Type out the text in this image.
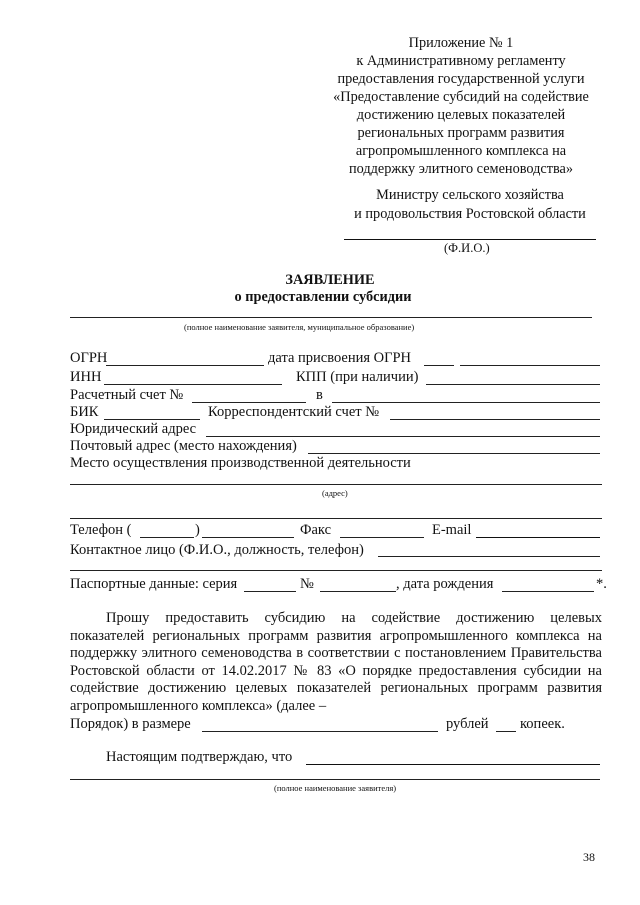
Приложение № 1
к Административному регламенту
предоставления государственной услуги
«Предоставление субсидий на содействие
достижению целевых показателей
региональных программ развития
агропромышленного комплекса на
поддержку элитного семеноводства»
Министру сельского хозяйства
и продовольствия Ростовской области
(Ф.И.О.)
ЗАЯВЛЕНИЕ
о предоставлении субсидии
(полное наименование заявителя, муниципальное образование)
ОГРН	дата присвоения ОГРН
ИНН	КПП (при наличии)
Расчетный счет №	в
БИК	Корреспондентский счет №
Юридический адрес
Почтовый адрес (место нахождения)
Место осуществления производственной деятельности
(адрес)
Телефон (	)	Факс	E-mail
Контактное лицо (Ф.И.О., должность, телефон)
Паспортные данные: серия	№	, дата рождения	*.

Прошу предоставить субсидию на содействие достижению целевых показателей региональных программ развития агропромышленного комплекса на поддержку элитного семеноводства в соответствии с постановлением Правительства Ростовской области от 14.02.2017 № 83 «О порядке предоставления субсидии на содействие достижению целевых показателей региональных программ развития агропромышленного комплекса» (далее –

Порядок) в размере	рублей копеек.
Настоящим подтверждаю, что
(полное наименование заявителя)
38
